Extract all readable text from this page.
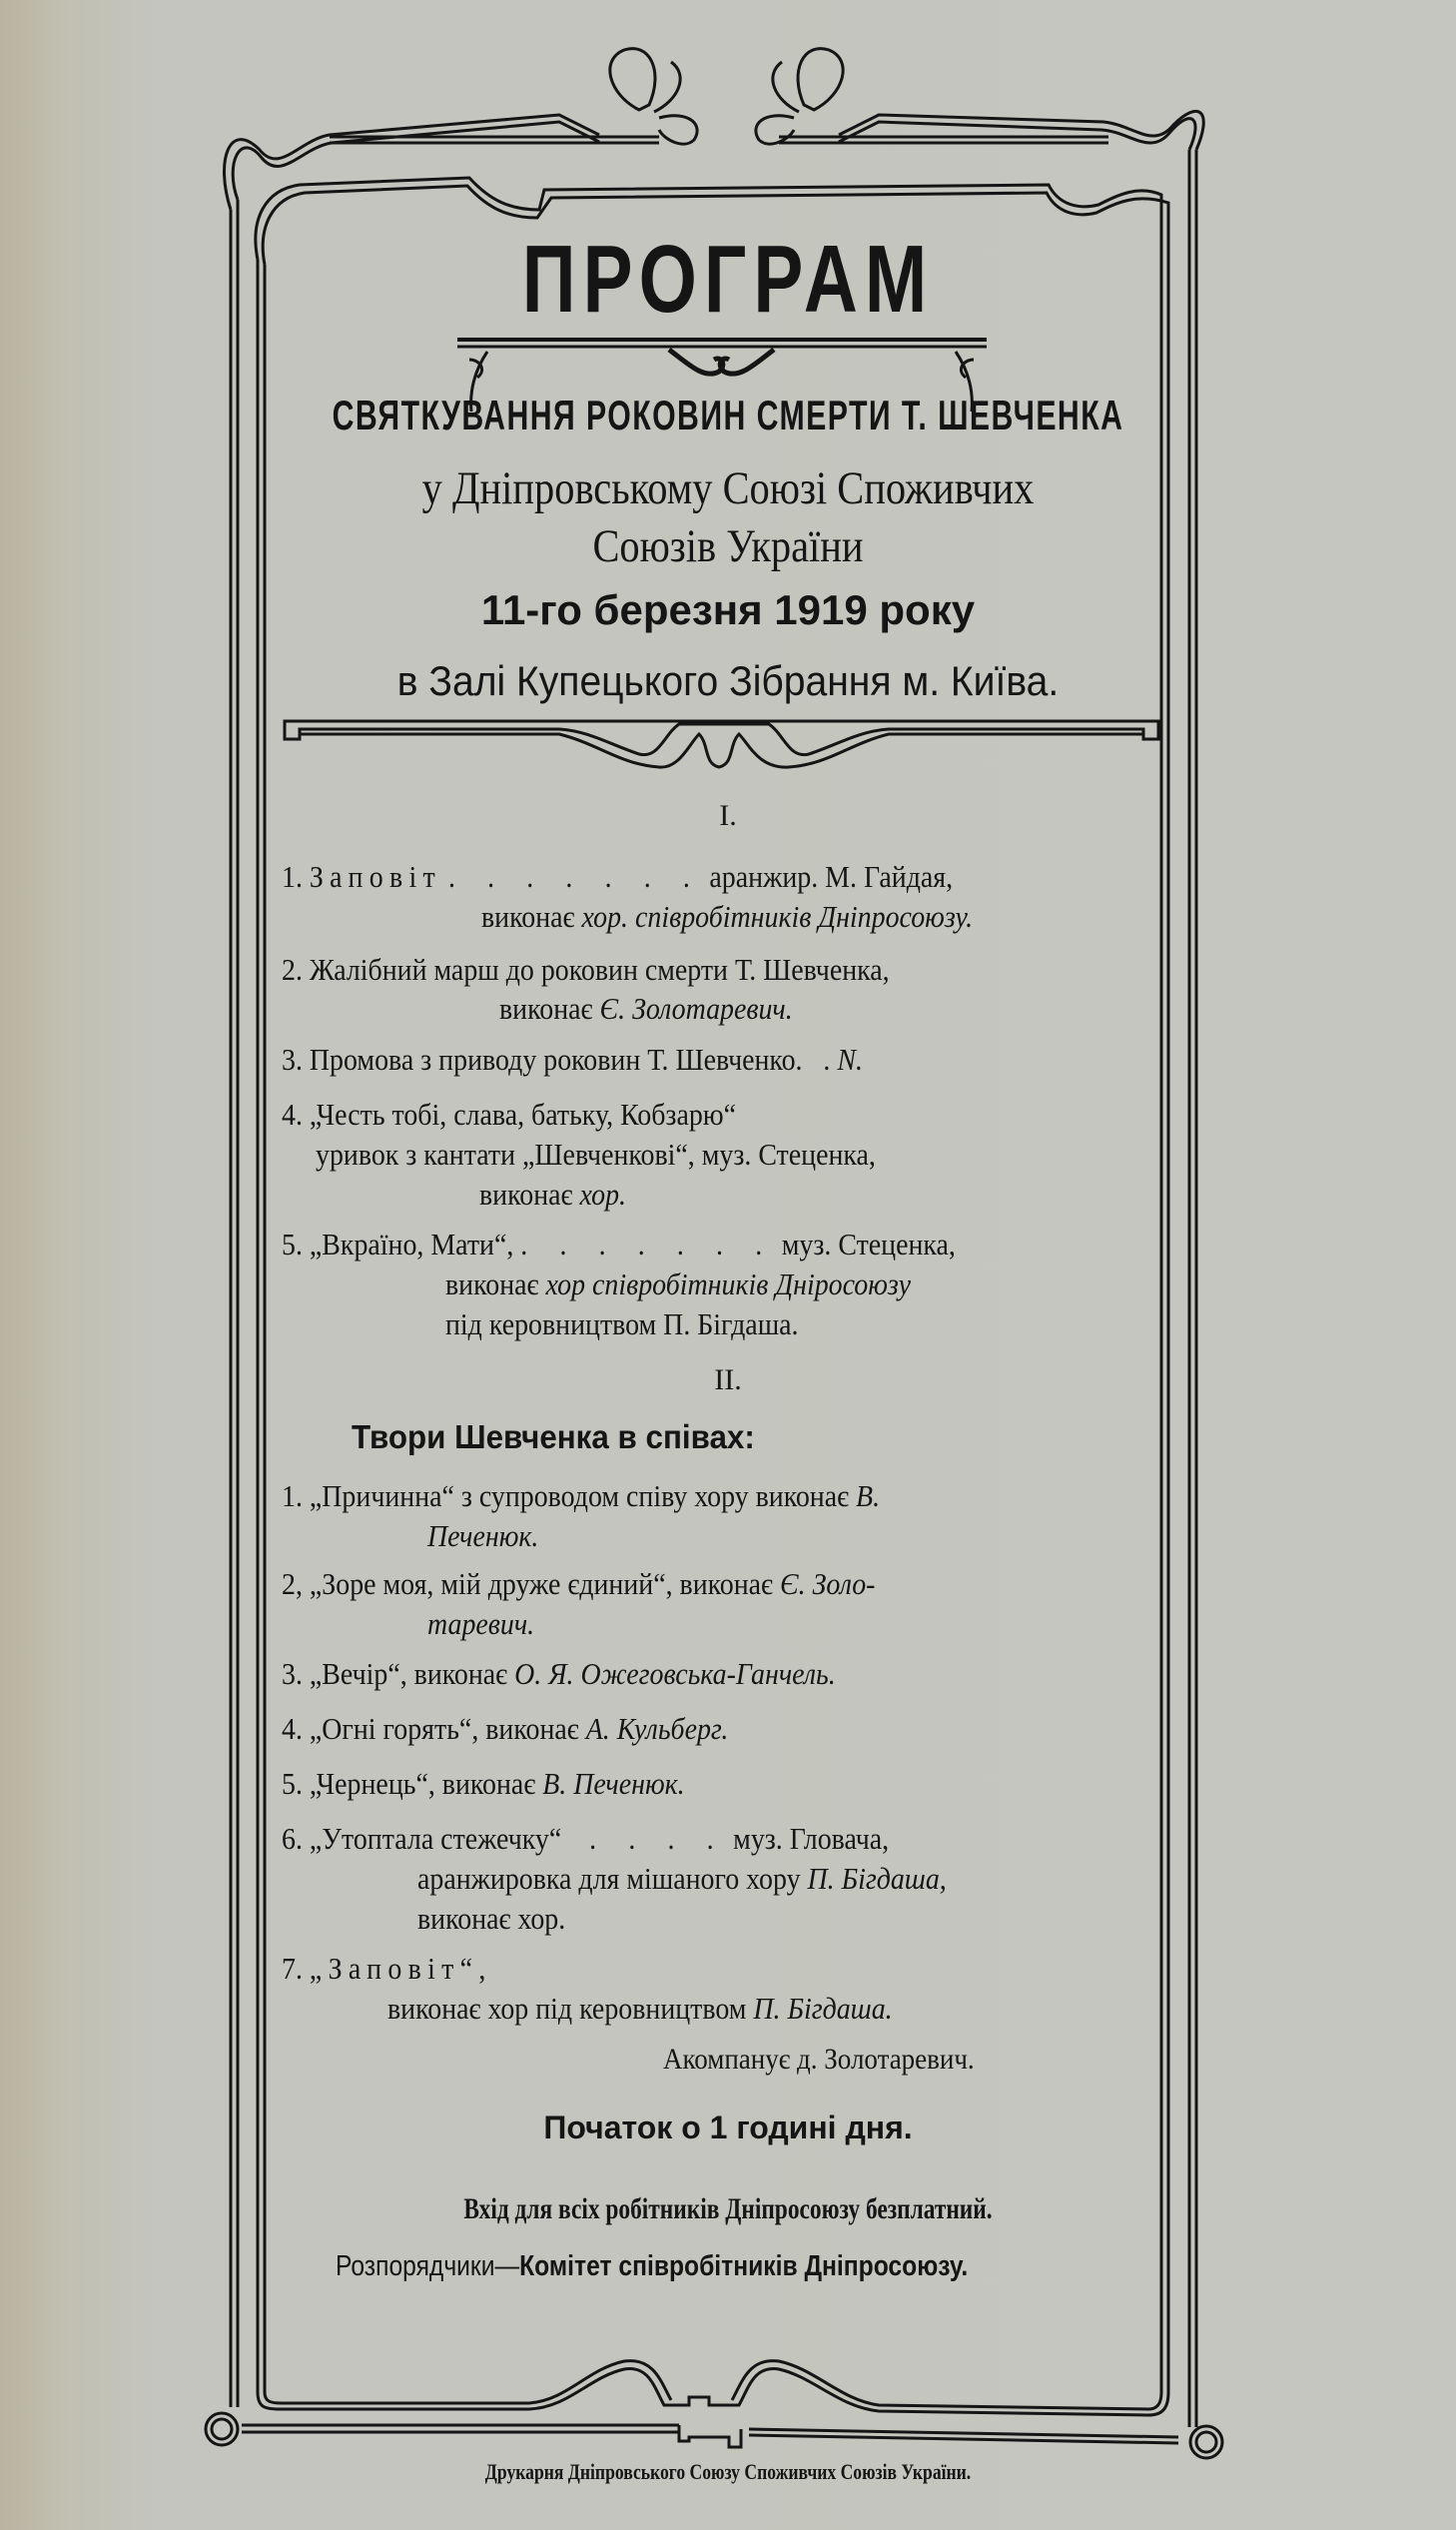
ПРОГРАМ
СВЯТКУВАННЯ РОКОВИН СМЕРТИ Т. ШЕВЧЕНКА
у Дніпровському Союзі Споживчих
Союзів України
11-го березня 1919 року
в Залі Купецького Зібрання м. Київа.
I.
1. Заповіт . . . . . . . аранжир. М. Гайдая,
виконає хор. співробітників Дніпросоюзу.
2. Жалібний марш до роковин смерти Т. Шевченка,
виконає Є. Золотаревич.
3. Промова з приводу роковин Т. Шевченко. . N.
4. „Честь тобі, слава, батьку, Кобзарю“
уривок з кантати „Шевченкові“, муз. Стеценка,
виконає хор.
5. „Вкраїно, Мати“, . . . . . . . муз. Стеценка,
виконає хор співробітників Дніросоюзу
під керовництвом П. Бігдаша.
II.
Твори Шевченка в співах:
1. „Причинна“ з супроводом співу хору виконає В.
Печенюк.
2, „Зоре моя, мій друже єдиний“, виконає Є. Золо-
таревич.
3. „Вечір“, виконає О. Я. Ожеговська-Ганчель.
4. „Огні горять“, виконає А. Кульберг.
5. „Чернець“, виконає В. Печенюк.
6. „Утоптала стежечку“ . . . . муз. Гловача,
аранжировка для мішаного хору П. Бігдаша,
виконає хор.
7. „Заповіт“,
виконає хор під керовництвом П. Бігдаша.
Акомпанує д. Золотаревич.
Початок о 1 годині дня.
Вхід для всіх робітників Дніпросоюзу безплатний.
Розпорядчики—Комітет співробітників Дніпросоюзу.
Друкарня Дніпровського Союзу Споживчих Союзів України.
